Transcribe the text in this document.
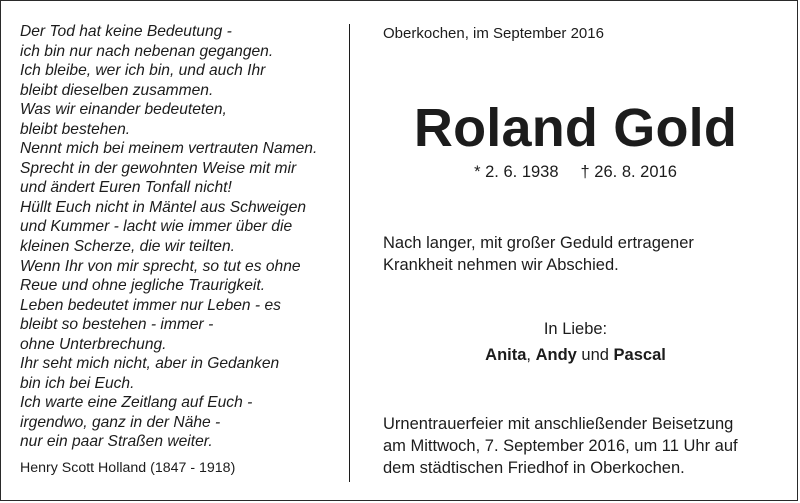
Der Tod hat keine Bedeutung -
ich bin nur nach nebenan gegangen.
Ich bleibe, wer ich bin, und auch Ihr
bleibt dieselben zusammen.
Was wir einander bedeuteten,
bleibt bestehen.
Nennt mich bei meinem vertrauten Namen.
Sprecht in der gewohnten Weise mit mir
und ändert Euren Tonfall nicht!
Hüllt Euch nicht in Mäntel aus Schweigen
und Kummer - lacht wie immer über die
kleinen Scherze, die wir teilten.
Wenn Ihr von mir sprecht, so tut es ohne
Reue und ohne jegliche Traurigkeit.
Leben bedeutet immer nur Leben - es
bleibt so bestehen - immer -
ohne Unterbrechung.
Ihr seht mich nicht, aber in Gedanken
bin ich bei Euch.
Ich warte eine Zeitlang auf Euch -
irgendwo, ganz in der Nähe -
nur ein paar Straßen weiter.
Henry Scott Holland (1847 - 1918)
Oberkochen, im September 2016
Roland Gold
* 2. 6. 1938 † 26. 8. 2016
Nach langer, mit großer Geduld ertragener
Krankheit nehmen wir Abschied.
In Liebe:
Anita, Andy und Pascal
Urnentrauerfeier mit anschließender Beisetzung
am Mittwoch, 7. September 2016, um 11 Uhr auf
dem städtischen Friedhof in Oberkochen.
